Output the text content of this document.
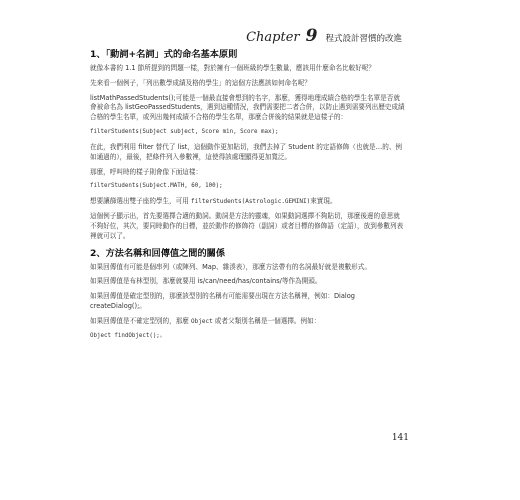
Chapter 9 程式設計習慣的改進
1、「動詞+名詞」式的命名基本原則

就像本書的 1.1 節所提到的問題一樣，對於擁有一個班級的學生數量，應該用什麼命名比較好呢？

先來看一個例子，「列出數學成績及格的學生」的這個方法應該如何命名呢？

listMathPassedStudents();可能是一個最直接會想到的名字，那麼，獲得地理成績合格的學生名單是否就會被命名為 listGeoPassedStudents，遇到這種情況，我們需要把二者合併，以防止遇到需要列出歷史成績合格的學生名單，或列出幾何成績不合格的學生名單，那麼合併後的結果就是這樣子的：

filterStudents(Subject subject, Score min, Score max);

在此，我們利用 filter 替代了 list，這個動作更加貼切，我們去掉了 Student 的定語修飾（也就是…的、例如通過的），最後，把條件列入參數裡，這使得該處理顯得更加寬泛。

那麼，呼叫時的樣子則會像下面這樣：

filterStudents(Subject.MATH, 60, 100);

想要讓篩選出雙子座的學生，可用 filterStudents(Astrologic.GEMINI)來實現。

這個例子顯示出，首先要選擇合適的動詞。動詞是方法的靈魂，如果動詞選擇不夠貼切，那麼後邊的意思就不夠好位，其次，要同時動作的目標，並於動作的修飾符（副詞）或者目標的修飾語（定語），放到參數列表裡就可以了。

2、方法名稱和回傳值之間的關係

如果回傳值有可能是個串列（或陣列、Map、雜湊表），那麼方法帶有的名詞最好就是複數形式。

如果回傳值是布林型別，那麼就要用 is/can/need/has/contains/等作為開頭。

如果回傳值是確定型別的，那麼該型別的名稱有可能需要出現在方法名稱裡，例如：Dialog createDialog();。

如果回傳值是不確定型別的，那麼 Object 或者父類別名稱是一個選擇。例如：

Object findObject();。
141
